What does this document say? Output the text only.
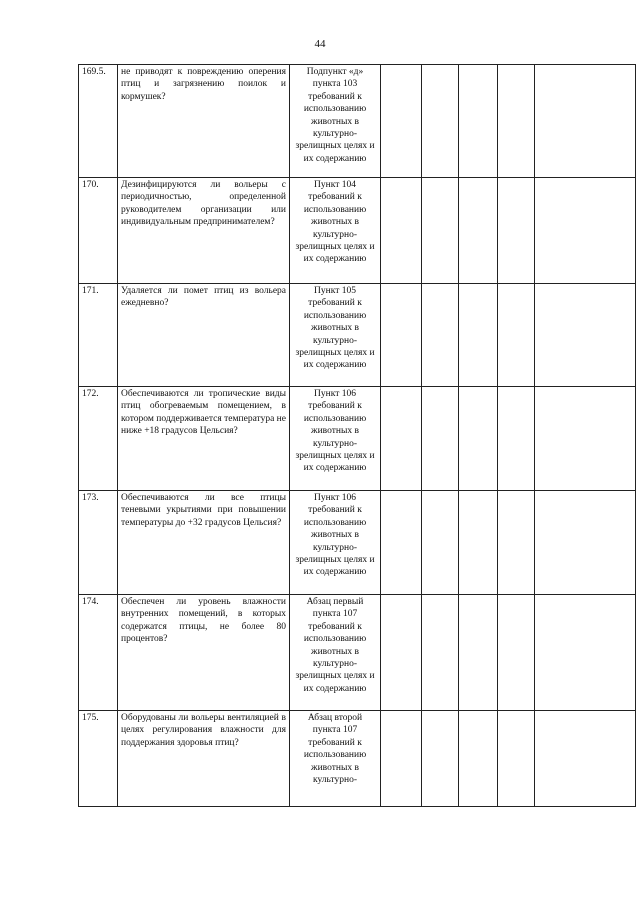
44
169.5.	не приводят к повреждению оперения птиц и загрязнению поилок и кормушек?	Подпункт «д» пункта 103 требований к использованию животных в культурно-зрелищных целях и их содержанию					
170.	Дезинфицируются ли вольеры с периодичностью, определенной руководителем организации или индивидуальным предпринимателем?	Пункт 104 требований к использованию животных в культурно-зрелищных целях и их содержанию					
171.	Удаляется ли помет птиц из вольера ежедневно?	Пункт 105 требований к использованию животных в культурно-зрелищных целях и их содержанию					
172.	Обеспечиваются ли тропические виды птиц обогреваемым помещением, в котором поддерживается температура не ниже +18 градусов Цельсия?	Пункт 106 требований к использованию животных в культурно-зрелищных целях и их содержанию					
173.	Обеспечиваются ли все птицы теневыми укрытиями при повышении температуры до +32 градусов Цельсия?	Пункт 106 требований к использованию животных в культурно-зрелищных целях и их содержанию					
174.	Обеспечен ли уровень влажности внутренних помещений, в которых содержатся птицы, не более 80 процентов?	Абзац первый пункта 107 требований к использованию животных в культурно-зрелищных целях и их содержанию					
175.	Оборудованы ли вольеры вентиляцией в целях регулирования влажности для поддержания здоровья птиц?	Абзац второй пункта 107 требований к использованию животных в культурно-					
